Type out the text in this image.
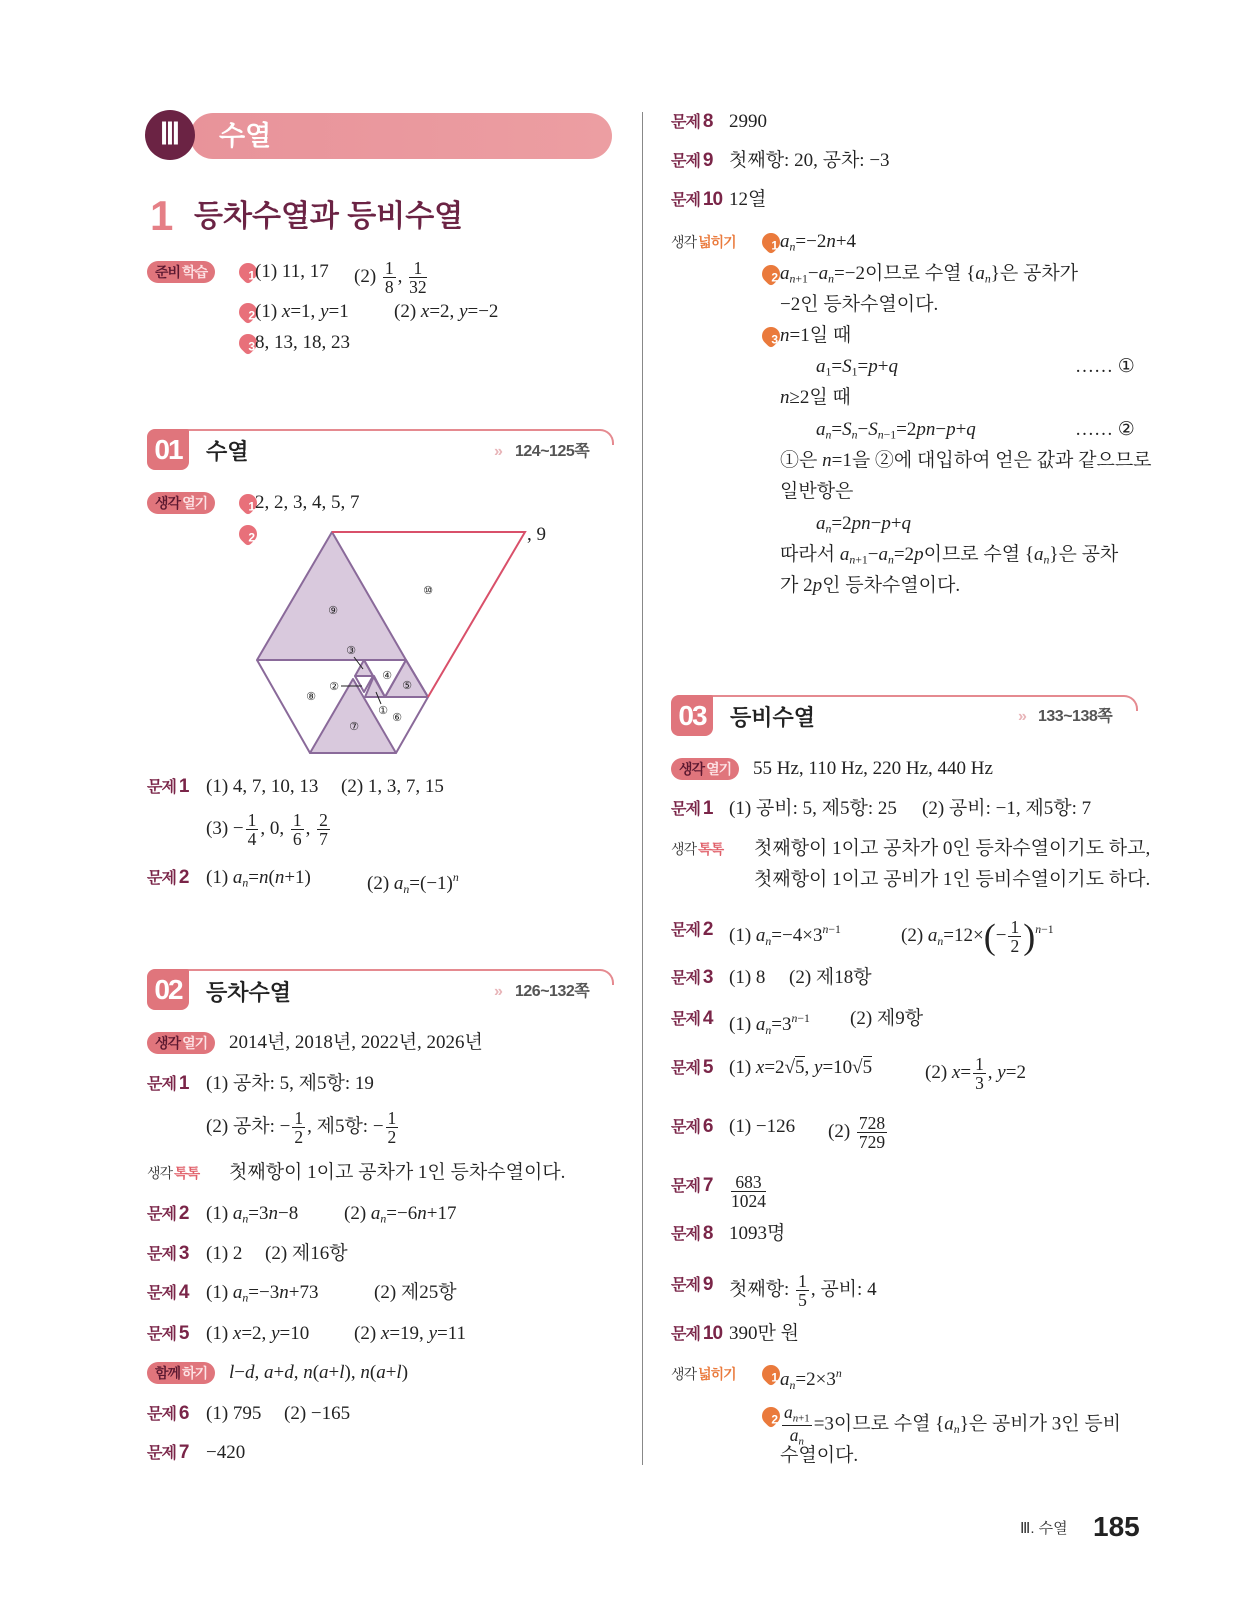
Ⅲ	수열
1 등차수열과 등비수열
준비 학습	1 (1) 11, 17 $(2) \frac{1}{8}$ , $\frac{1}{32}$
2 (1) x=1, y=1 (2) x=2, y=−2
3 8, 13, 18, 23
01	수열	» 124~125쪽
생각 열기	1 2, 2, 3, 4, 5, 7
2	, 9
①
②
③
④
⑤
⑥
⑦
⑧
⑨
⑩
문제 1 (1) 4, 7, 10, 13 (2) 1, 3, 7, 15
$(3) - \frac{1}{4}$ , 0, $\frac{1}{6}$ , $\frac{2}{7}$
문제 2 (1) $a_n=n(n+1)$	(2) $a_n=(-1)^n$
02	등차수열	» 126~132쪽
생각 열기	2014년, 2018년, 2022년, 2026년
문제 1 (1) 공차: 5, 제5항: 19
(2) 공차: − $\frac{1}{2}$ , 제5항: − $\frac{1}{2}$
생각 톡톡 첫째항이 1이고 공차가 1인 등차수열이다.
문제 2 (1) $a_n=3n-8$ (2) $a_n=-6n+17$
문제 3 (1) 2 (2) 제16항
문제 4 (1) $a_n=-3n+73$	(2) 제25항
문제 5 (1) x=2, y=10 (2) x=19, y=11
함께 하기	l−d, a+d, n(a+l), n(a+l)
문제 6 (1) 795 (2) −165
문제 7 −420
문제 8 2990
문제 9 첫째항: 20, 공차: −3
문제 10 12열
생각 넓히기	1 $a_n=-2n+4$
2 $a_{n+1}-a_n=-2$이므로 수열 $\{a_n\}$은 공차가
−2인 등차수열이다.
3 n=1일 때
$a_1=S_1=p+q$	…… ①
n≥2일 때
$a_n=S_n-S_{n-1}=2pn-p+q$	…… ②
①은 n=1을 ②에 대입하여 얻은 값과 같으므로
일반항은
$a_n=2pn-p+q$
따라서 $a_{n+1}-a_n=2p$이므로 수열 $\{a_n\}$은 공차
가 2p인 등차수열이다.
03	등비수열	» 133~138쪽
생각 열기	55 Hz, 110 Hz, 220 Hz, 440 Hz
문제 1 (1) 공비: 5, 제5항: 25 (2) 공비: −1, 제5항: 7
생각 톡톡 첫째항이 1이고 공차가 0인 등차수열이기도 하고,
첫째항이 1이고 공비가 1인 등비수열이기도 하다.
문제 2 (1) $a_n=-4\times 3^{n-1}$	(2) $a_n=12\times(- \frac{1}{2} )^{n-1}$
문제 3 (1) 8 (2) 제18항
문제 4 (1) $a_n=3^{n-1}$ (2) 제9항
문제 5 (1) x=2√5, y=10√5	(2) $x= \frac{1}{3}$ , y=2
문제 6 (1) −126 $(2) \frac{728}{729}$
문제 $7 \frac{683}{1024}$
문제 8 1093명
문제 9 첫째항: $\frac{1}{5}$ , 공비: 4
문제 10 390만 원
생각 넓히기	1 $a_n=2\times 3^n$
$2 \frac{a_{n+1}}{a_n} =3$이므로 수열 $\{a_n\}$은 공비가 3인 등비
수열이다.
Ⅲ. 수열 185
